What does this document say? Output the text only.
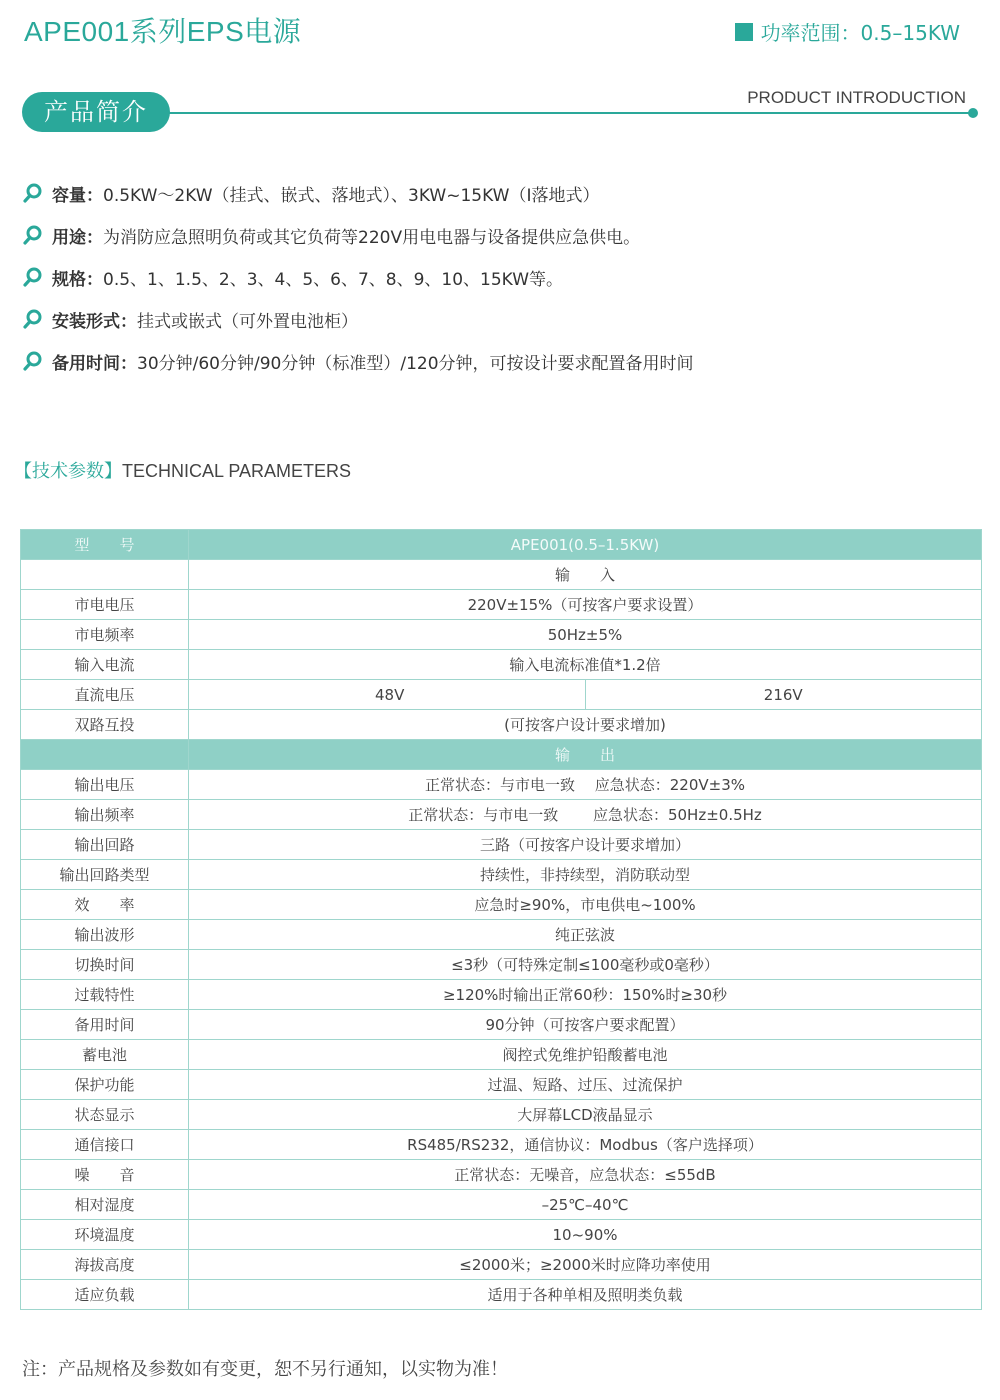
APE001系列EPS电源	功率范围：0.5–15KW
产品简介
PRODUCT INTRODUCTION
容量： 0.5KW～2KW（挂式、嵌式、落地式）、3KW~15KW（I落地式）
用途： 为消防应急照明负荷或其它负荷等220V用电电器与设备提供应急供电。
规格： 0.5、1、1.5、2、3、4、5、6、7、8、9、10、15KW等。
安装形式： 挂式或嵌式（可外置电池柜）
备用时间： 30分钟/60分钟/90分钟（标准型）/120分钟，可按设计要求配置备用时间
【技术参数】TECHNICAL PARAMETERS
型　　号	APE001(0.5–1.5KW)	
	输　　入	
市电电压	220V±15%（可按客户要求设置）	
市电频率	50Hz±5%	
输入电流	输入电流标准值*1.2倍	
直流电压	48V	216V
双路互投	(可按客户设计要求增加)	
	输　　出	
输出电压	正常状态：与市电一致　 应急状态：220V±3%	
输出频率	正常状态：与市电一致　　 应急状态：50Hz±0.5Hz	
输出回路	三路（可按客户设计要求增加）	
输出回路类型	持续性，非持续型，消防联动型	
效　　率	应急时≥90%，市电供电~100%	
输出波形	纯正弦波	
切换时间	≤3秒（可特殊定制≤100毫秒或0毫秒）	
过载特性	≥120%时输出正常60秒：150%时≥30秒	
备用时间	90分钟（可按客户要求配置）	
蓄电池	阀控式免维护铅酸蓄电池	
保护功能	过温、短路、过压、过流保护	
状态显示	大屏幕LCD液晶显示	
通信接口	RS485/RS232，通信协议：Modbus（客户选择项）	
噪　　音	正常状态：无噪音，应急状态：≤55dB	
相对湿度	–25℃–40℃	
环境温度	10~90%	
海拔高度	≤2000米；≥2000米时应降功率使用	
适应负载	适用于各种单相及照明类负载	
注：产品规格及参数如有变更，恕不另行通知，以实物为准！
